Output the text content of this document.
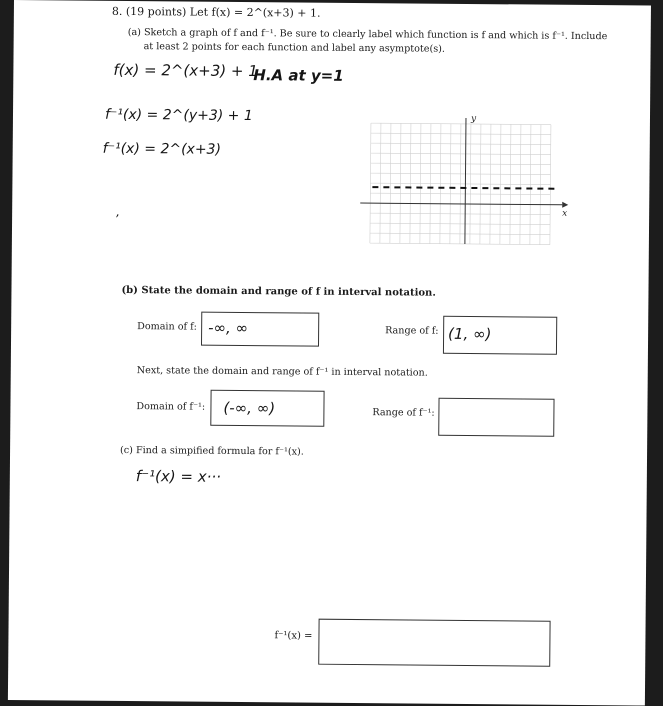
8. (19 points) Let f(x) = 2^(x+3) + 1.
(a) Sketch a graph of f and f⁻¹. Be sure to clearly label which function is f and which is f⁻¹. Include
at least 2 points for each function and label any asymptote(s).
f(x) = 2^(x+3) + 1
H.A at y=1
f⁻¹(x) = 2^(y+3) + 1
f⁻¹(x) = 2^(x+3)
,
y
x
(b) State the domain and range of f in interval notation.
Domain of f: -∞, ∞	Range of f: (1, ∞)
Next, state the domain and range of f⁻¹ in interval notation.
Domain of f⁻¹: (-∞, ∞)	Range of f⁻¹:
(c) Find a simpified formula for f⁻¹(x).
f⁻¹(x) = x···
f⁻¹(x) =
